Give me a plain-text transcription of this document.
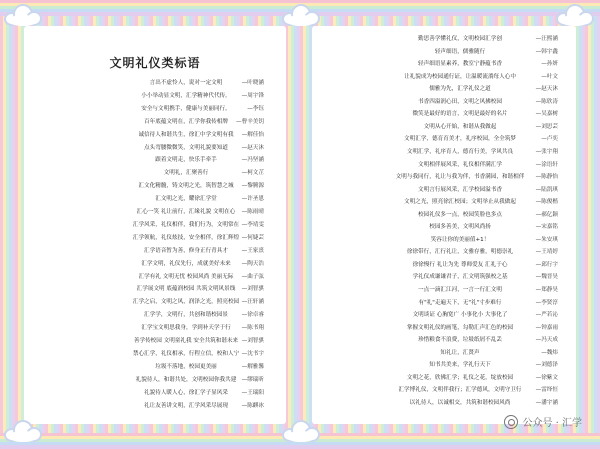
文明礼仪类标语
言出不虚怜人，说对一定文明	—叶晓涵
小小举动显文明，汇学精神代代传。	—周宇锋
安全与文明携手，健康与美丽同行。	—李钰
百年底蕴文明在，汇学你我传相牌	—曹辛美钥
诚信待人和谐共生，徐汇中学文明有我	—解佳怡
点头弯腰微微笑，文明礼貌要知道	—赵天沐
跟着文明走，快乐手牵手	—冯坚涵
文明礼，汇聚善行	—柯文芷
汇文化精髓，铸文明之光，筑智慧之城	—黎腾源
汇文明之光，耀徐汇学堂	—许圣恩
汇心一笑 礼让前行，汇缘礼貌 文明在心	—陈雨晴
汇学风采，礼仪相伴，我们行为，文明常在 —李靖雯
汇学领航，礼仪炫技，安全相伴，徐汇辉煌 —何婕芸
汇学语音暂为善，修身正行青具才	—王家熹
汇学文明，礼仪先行，成就美好未来	—陶天浩
汇学有礼 文明无忧 校园风尚 美丽无际	—曲子弦
汇学展文明 底蕴润校园 共筑文明风景线	—刘智骐
汇学之启，文明之风，润泽之光，照亮校园 —汪轩涵
汇学学，文明行，共创和谐校园景	—徐卓睿
汇学宝文明思我身，学到补天学于行	—陈书翔
善学传校园 文明童礼我 安全共筑和谐未来 —刘智骐
禁心汇学，礼仪相承，行程立信，校和人宁 —沈书宇
垃圾不落地，校园更美丽	—解雅馨
礼貌待人，和谐共处，文明校园你我共建 —缪瑞昕
礼貌待人暖人心，徐汇学子显风采	—王瑞阳
礼让友善讲文明，汇学风采尽展现	—陈麒冰
勤思善学懂礼仪，文明校园汇学创	—汪熙涵
轻声细语，儒雅随行	—韩宇鑫
轻声细语显素养，教室宁静蕴书香	—孙妍
让礼貌成为校园通行证，让温暖流淌每人心中	—叶文
儒雅为先，汇学礼仪之道	—赵天沐
书香四溢润心田，文明之风拂校园	—陈欣涛
微笑是最好的语言，文明是最好的名片	—吴嘉树
文明从心开始，和谐从我做起	—刘思芸
文明汇学，德育育美才，礼序校园，全全筑梦	—卢奕
文明汇学，礼序育人，德育行美，学风共良	—张宇翔
文明相伴展风采，礼仪相伴满汇学	—涂语轩
文明与我同行，礼让与我为伴，书香满园，和谐相伴	—陈静怡
文明言行展风采，汇学校园溢书香	—陆凯琪
文明之光，照亮徐汇校园；文明举止从我做起	—陈俊楷
校园礼仪多一点，校园笑脸也多点	—郝亿颖
校园多善美，文明风尚扬	—宋嘉铭
笑容让你的美丽值+1！	—朱安琪
徐徐带行，汇行礼让，文雅存雅，明德崇礼	—王靖婷
徐徐慢行 礼让为先 尊师爱友 汇礼于心	—邱行宇
学礼仪成谦谦君子，汇文明筑强校之基	—魏晋昊
一点一滴汇江河，一言一行汇文明	—郑静昊
有"礼"走遍天下，无"礼"寸步难行	—李贤淳
文明谈证 心胸宽广 小事化小 大事化了	—严若沁
掌握文明礼仪的画笔，勾勒汇声汇色的校园	—钟嘉雨
珍惜粮食不浪费，垃圾纸屑不乱丢	—冯天成
知礼让，汇贤声	—魏炜
知书共美来，学礼行天下	—刘德泽
文明之花，欣佛汇学；礼仪之花，绽放校园	—徐紫文
汇学博礼仪，文明伴我行；汇学德风，文明守卫行	—雷绎恒
以礼待人，以诚相交，共筑和谐校园风尚	—潘宇涵
公众号 · 汇学
